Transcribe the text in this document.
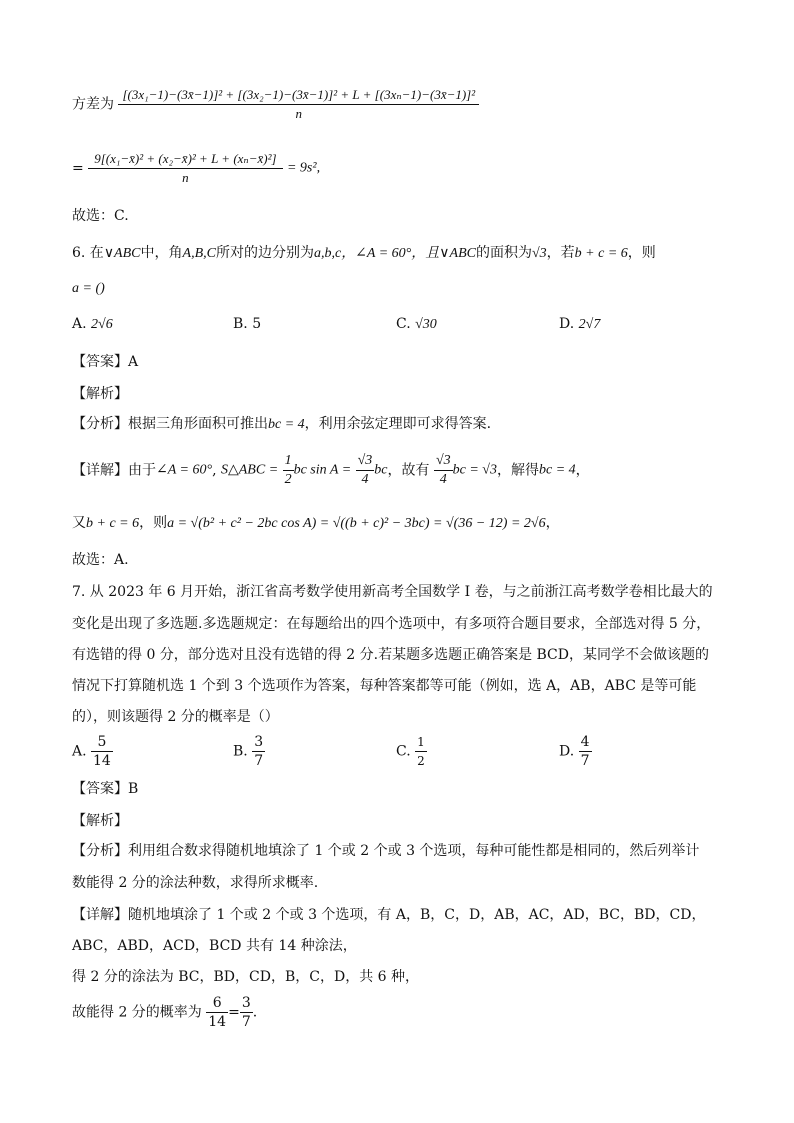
方差为
[(3x₁−1)−(3x̄−1)]² + [(3x₂−1)−(3x̄−1)]² + L + [(3xₙ−1)−(3x̄−1)]²
n
= $\frac{\text{9[(x₁−x̄)² + (x₂−x̄)² + L + (xₙ−x̄)²]}}{n} = 9s^2$,
故选：C.
6. 在∨ABC中，角A,B,C所对的边分别为a,b,c，∠A = 60°，且∨ABC的面积为√3，若b + c = 6，则
a = ()
A. 2√6	B. 5	C. √30	D. 2√7
【答案】A
【解析】
【分析】根据三角形面积可推出bc = 4，利用余弦定理即可求得答案.
【详解】由于∠A = 60°, S△ABC = $\frac{1}{2}$ bc $\sin A = \frac{√3}{4}$ bc，故有 $\frac{√3}{4}$ bc = √3，解得bc = 4，
又b + c = 6，则a = √(b² + c² − 2bc cos A) = √((b + c)² − 3bc) = √(36 − 12) = 2√6，
故选：A.
7. 从 2023 年 6 月开始，浙江省高考数学使用新高考全国数学 I 卷，与之前浙江高考数学卷相比最大的
变化是出现了多选题.多选题规定：在每题给出的四个选项中，有多项符合题目要求，全部选对得 5 分，
有选错的得 0 分，部分选对且没有选错的得 2 分.若某题多选题正确答案是 BCD，某同学不会做该题的
情况下打算随机选 1 个到 3 个选项作为答案，每种答案都等可能（例如，选 A，AB，ABC 是等可能
的），则该题得 2 分的概率是（）
A. $\frac{5}{14}$	B. $\frac{3}{7}$	C. $\frac{1}{2}$	D. $\frac{4}{7}$
【答案】B
【解析】
【分析】利用组合数求得随机地填涂了 1 个或 2 个或 3 个选项，每种可能性都是相同的，然后列举计
数能得 2 分的涂法种数，求得所求概率.
【详解】随机地填涂了 1 个或 2 个或 3 个选项，有 A，B，C，D，AB，AC，AD，BC，BD，CD，
ABC，ABD，ACD，BCD 共有 14 种涂法，
得 2 分的涂法为 BC，BD，CD，B，C，D，共 6 种，
故能得 2 分的概率为 $\frac{6}{14} = \frac{3}{7}$ .
